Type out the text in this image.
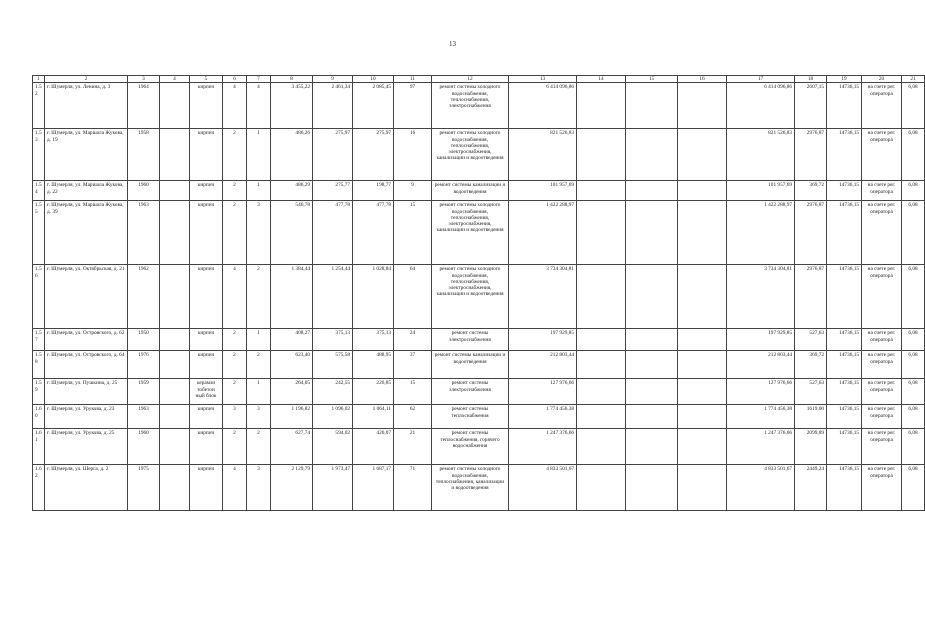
13
1	2	3	4	5	6	7	8	9	10	11	12	13	14	15	16	17	18	19	20	21
1.52	г. Шумерля, ул. Ленина, д. 3	1964		кирпич	4	4	3 455,22	2 461,34	2 085,45	97	ремонт системы холодного водоснабжения, теплоснабжения, электроснабжения	6 414 096,86				6 414 096,86	2607,15	14736,15	на счете рег. оператора	6,08
1.53	г. Шумерля, ул. Маршала Жукова, д. 19	1958		кирпич	2	1	486,26	275,97	275,97	16	ремонт системы холодного водоснабжения, теплоснабжения, электроснабжения, канализации и водоотведения	821 526,83				821 526,83	2976,87	14736,15	на счете рег. оператора	6,08
1.54	г. Шумерля, ул. Маршала Жукова, д. 22	1960		кирпич	2	1	486,29	275,77	198,77	9	ремонт системы канализации и водоотведения	101 957,69				101 957,69	369,72	14736,15	на счете рег. оператора	6,08
1.55	г. Шумерля, ул. Маршала Жукова, д. 39	1963		кирпич	2	3	546,78	477,78	477,78	15	ремонт системы холодного водоснабжения, теплоснабжения, электроснабжения, канализации и водоотведения	1 422 288,97				1 422 288,97	2976,87	14736,15	на счете рег. оператора	6,08
1.56	г. Шумерля, ул. Октябрьская, д. 21	1962		кирпич	4	2	1 384,44	1 254,44	1 028,84	64	ремонт системы холодного водоснабжения, теплоснабжения, электроснабжения, канализации и водоотведения	3 734 304,81				3 734 304,81	2976,87	14736,15	на счете рег. оператора	6,08
1.57	г. Шумерля, ул. Островского, д. 62	1950		кирпич	2	1	408,27	375,13	375,13	24	ремонт системы электроснабжения	197 929,85				197 929,85	527,63	14736,15	на счете рег. оператора	6,08
1.58	г. Шумерля, ул. Островского, д. 64	1976		кирпич	2	2	623,40	575,58	488,95	37	ремонт системы канализации и водоотведения	212 803,44				212 803,44	369,72	14736,15	на счете рег. оператора	6,08
1.59	г. Шумерля, ул. Пушкина, д. 25	1959		керамзи тобетон ный блок	2	1	264,05	242,55	226,85	15	ремонт системы электроснабжения	127 976,66				127 976,66	527,63	14736,15	на счете рег. оператора	6,08
1.60	г. Шумерля, ул. Урукова, д. 23	1963		кирпич	3	3	1 196,82	1 096,02	1 064,11	62	ремонт системы теплоснабжения	1 774 456,38				1 774 456,38	1619,00	14736,15	на счете рег. оператора	6,08
1.61	г. Шумерля, ул. Урукова, д. 25	1960		кирпич	2	2	627,74	594,02	420,07	21	ремонт системы теплоснабжения, горячего водоснабжения	1 247 376,66				1 247 376,66	2099,89	14736,15	на счете рег. оператора	6,08
1.62	г. Шумерля, ул. Шерга, д. 2	1975		кирпич	4	3	2 129,79	1 973,47	1 687,17	71	ремонт системы холодного водоснабжения, теплоснабжения, канализации и водоотведения	4 833 501,67				4 833 501,67	2449,24	14736,15	на счете рег. оператора	6,08
